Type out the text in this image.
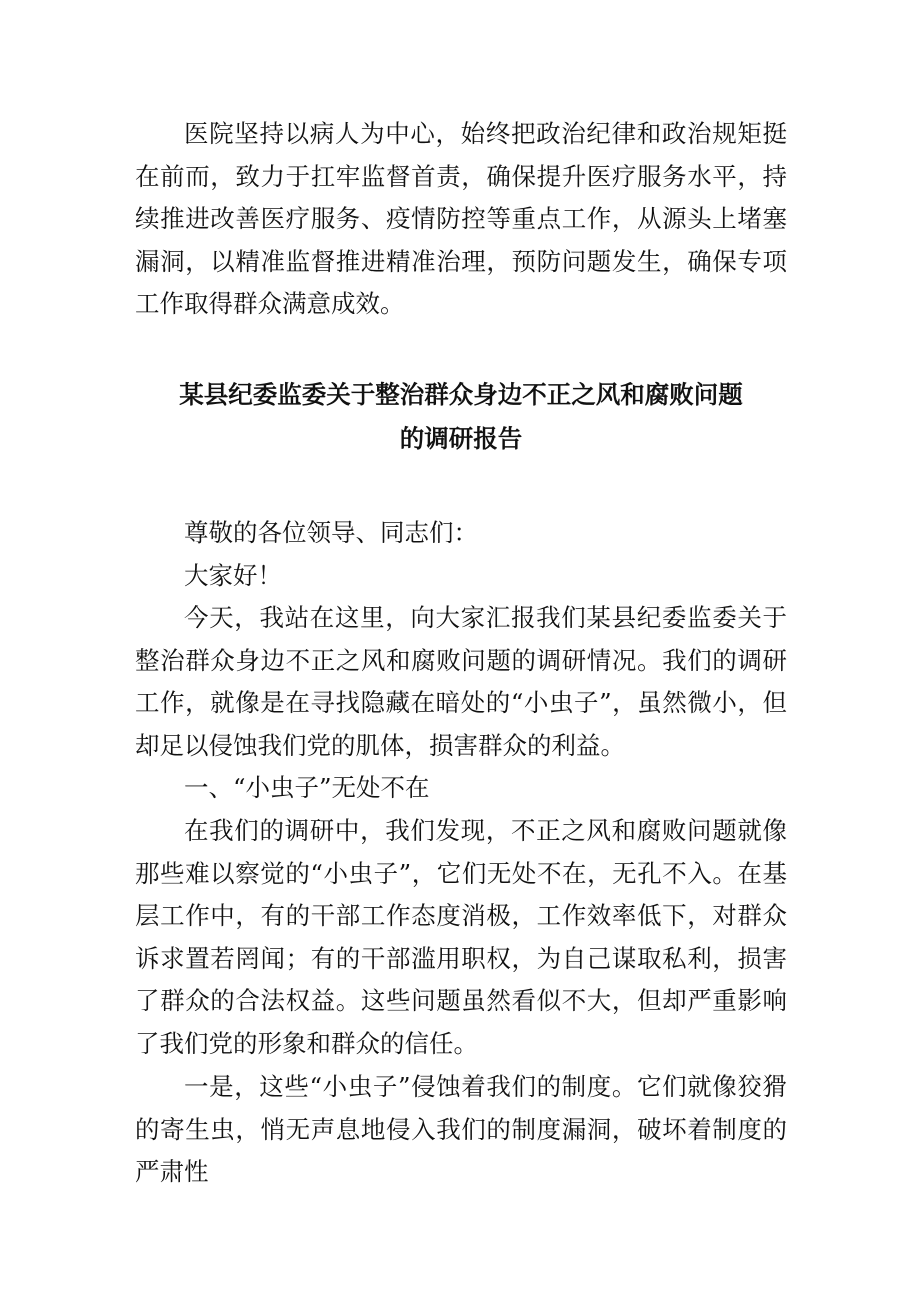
医院坚持以病人为中心，始终把政治纪律和政治规矩挺在前而，致力于扛牢监督首责，确保提升医疗服务水平，持续推进改善医疗服务、疫情防控等重点工作，从源头上堵塞漏洞，以精准监督推进精准治理，预防问题发生，确保专项工作取得群众满意成效。

某县纪委监委关于整治群众身边不正之风和腐败问题
的调研报告

尊敬的各位领导、同志们：

大家好！

今天，我站在这里，向大家汇报我们某县纪委监委关于整治群众身边不正之风和腐败问题的调研情况。我们的调研工作，就像是在寻找隐藏在暗处的“小虫子”，虽然微小，但却足以侵蚀我们党的肌体，损害群众的利益。

一、“小虫子”无处不在

在我们的调研中，我们发现，不正之风和腐败问题就像那些难以察觉的“小虫子”，它们无处不在，无孔不入。在基层工作中，有的干部工作态度消极，工作效率低下，对群众诉求置若罔闻；有的干部滥用职权，为自己谋取私利，损害了群众的合法权益。这些问题虽然看似不大，但却严重影响了我们党的形象和群众的信任。

一是，这些“小虫子”侵蚀着我们的制度。它们就像狡猾的寄生虫，悄无声息地侵入我们的制度漏洞，破坏着制度的严肃性
